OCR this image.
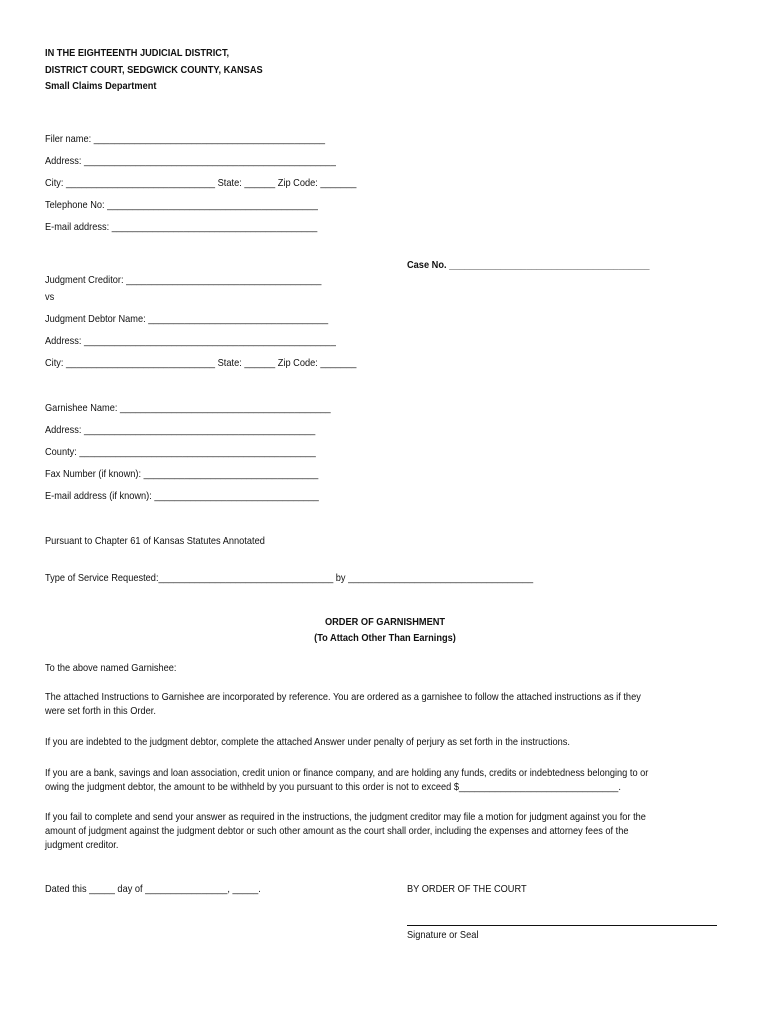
IN THE EIGHTEENTH JUDICIAL DISTRICT,
DISTRICT COURT, SEDGWICK COUNTY, KANSAS
Small Claims Department
Filer name: _____________________________________________
Address: _________________________________________________
City: _____________________________ State: ______ Zip Code: _______
Telephone No: _________________________________________
E-mail address: ________________________________________
Case No. _______________________________________
Judgment Creditor: ______________________________________
vs
Judgment Debtor Name: ___________________________________
Address: _________________________________________________
City: _____________________________ State: ______ Zip Code: _______
Garnishee Name: _________________________________________
Address: _____________________________________________
County: ______________________________________________
Fax Number (if known): __________________________________
E-mail address (if known): ________________________________
Pursuant to Chapter 61 of Kansas Statutes Annotated
Type of Service Requested:__________________________________ by ____________________________________
ORDER OF GARNISHMENT
(To Attach Other Than Earnings)
To the above named Garnishee:
The attached Instructions to Garnishee are incorporated by reference. You are ordered as a garnishee to follow the attached instructions as if they
were set forth in this Order.
If you are indebted to the judgment debtor, complete the attached Answer under penalty of perjury as set forth in the instructions.
If you are a bank, savings and loan association, credit union or finance company, and are holding any funds, credits or indebtedness belonging to or
owing the judgment debtor, the amount to be withheld by you pursuant to this order is not to exceed $_______________________________.
If you fail to complete and send your answer as required in the instructions, the judgment creditor may file a motion for judgment against you for the
amount of judgment against the judgment debtor or such other amount as the court shall order, including the expenses and attorney fees of the
judgment creditor.
Dated this _____ day of ________________, _____.	BY ORDER OF THE COURT
Signature or Seal
